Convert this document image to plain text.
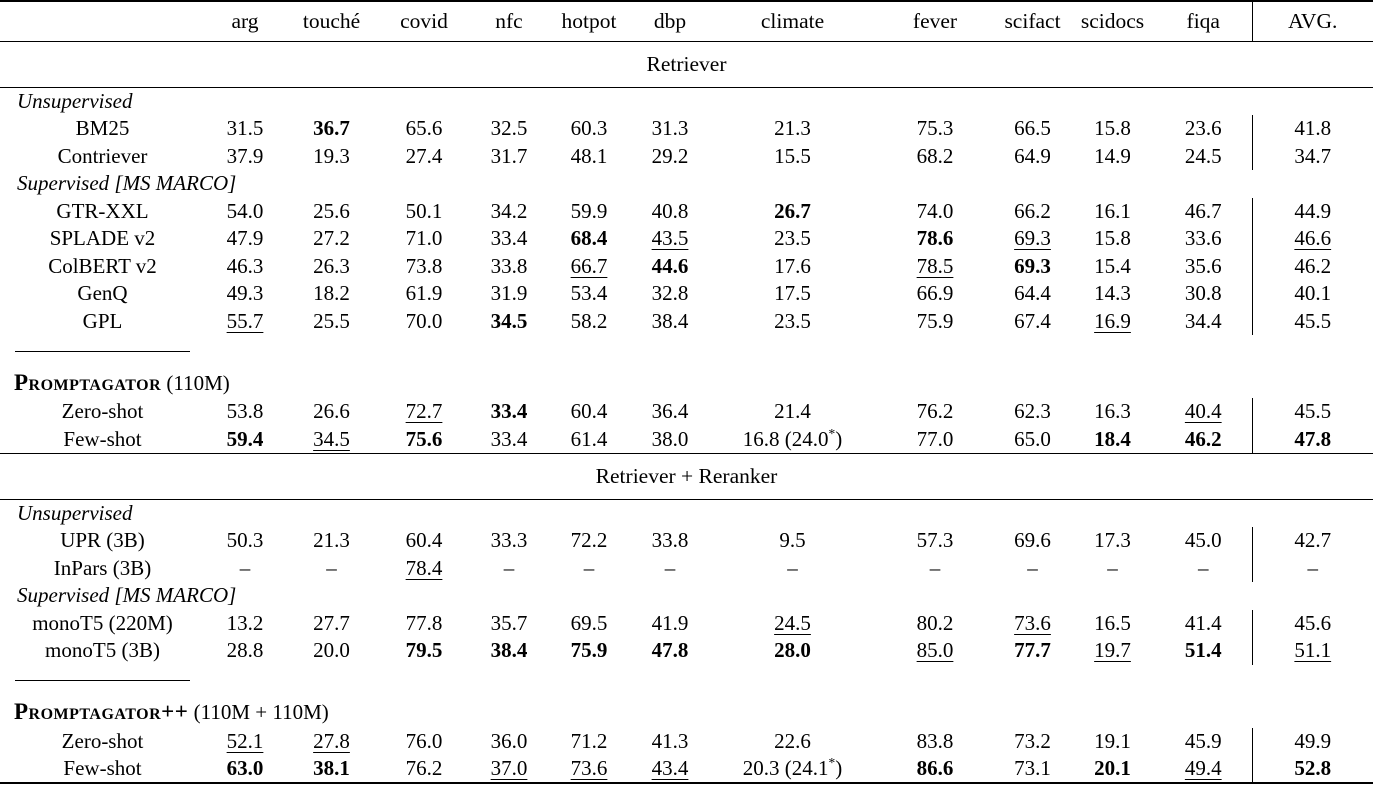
	arg	touché	covid	nfc	hotpot	dbp	climate	fever	scifact	scidocs	fiqa	AVG.
Retriever												
Unsupervised												
BM25	31.5	36.7	65.6	32.5	60.3	31.3	21.3	75.3	66.5	15.8	23.6	41.8
Contriever	37.9	19.3	27.4	31.7	48.1	29.2	15.5	68.2	64.9	14.9	24.5	34.7
Supervised [MS MARCO]												
GTR-XXL	54.0	25.6	50.1	34.2	59.9	40.8	26.7	74.0	66.2	16.1	46.7	44.9
SPLADE v2	47.9	27.2	71.0	33.4	68.4	43.5	23.5	78.6	69.3	15.8	33.6	46.6
ColBERT v2	46.3	26.3	73.8	33.8	66.7	44.6	17.6	78.5	69.3	15.4	35.6	46.2
GenQ	49.3	18.2	61.9	31.9	53.4	32.8	17.5	66.9	64.4	14.3	30.8	40.1
GPL	55.7	25.5	70.0	34.5	58.2	38.4	23.5	75.9	67.4	16.9	34.4	45.5

Promptagator (110M)												
Zero-shot	53.8	26.6	72.7	33.4	60.4	36.4	21.4	76.2	62.3	16.3	40.4	45.5
Few-shot	59.4	34.5	75.6	33.4	61.4	38.0	16.8 (24.0*)	77.0	65.0	18.4	46.2	47.8
Retriever + Reranker												
Unsupervised												
UPR (3B)	50.3	21.3	60.4	33.3	72.2	33.8	9.5	57.3	69.6	17.3	45.0	42.7
InPars (3B)	–	–	78.4	–	–	–	–	–	–	–	–	–
Supervised [MS MARCO]												
monoT5 (220M)	13.2	27.7	77.8	35.7	69.5	41.9	24.5	80.2	73.6	16.5	41.4	45.6
monoT5 (3B)	28.8	20.0	79.5	38.4	75.9	47.8	28.0	85.0	77.7	19.7	51.4	51.1

Promptagator++ (110M + 110M)												
Zero-shot	52.1	27.8	76.0	36.0	71.2	41.3	22.6	83.8	73.2	19.1	45.9	49.9
Few-shot	63.0	38.1	76.2	37.0	73.6	43.4	20.3 (24.1*)	86.6	73.1	20.1	49.4	52.8
